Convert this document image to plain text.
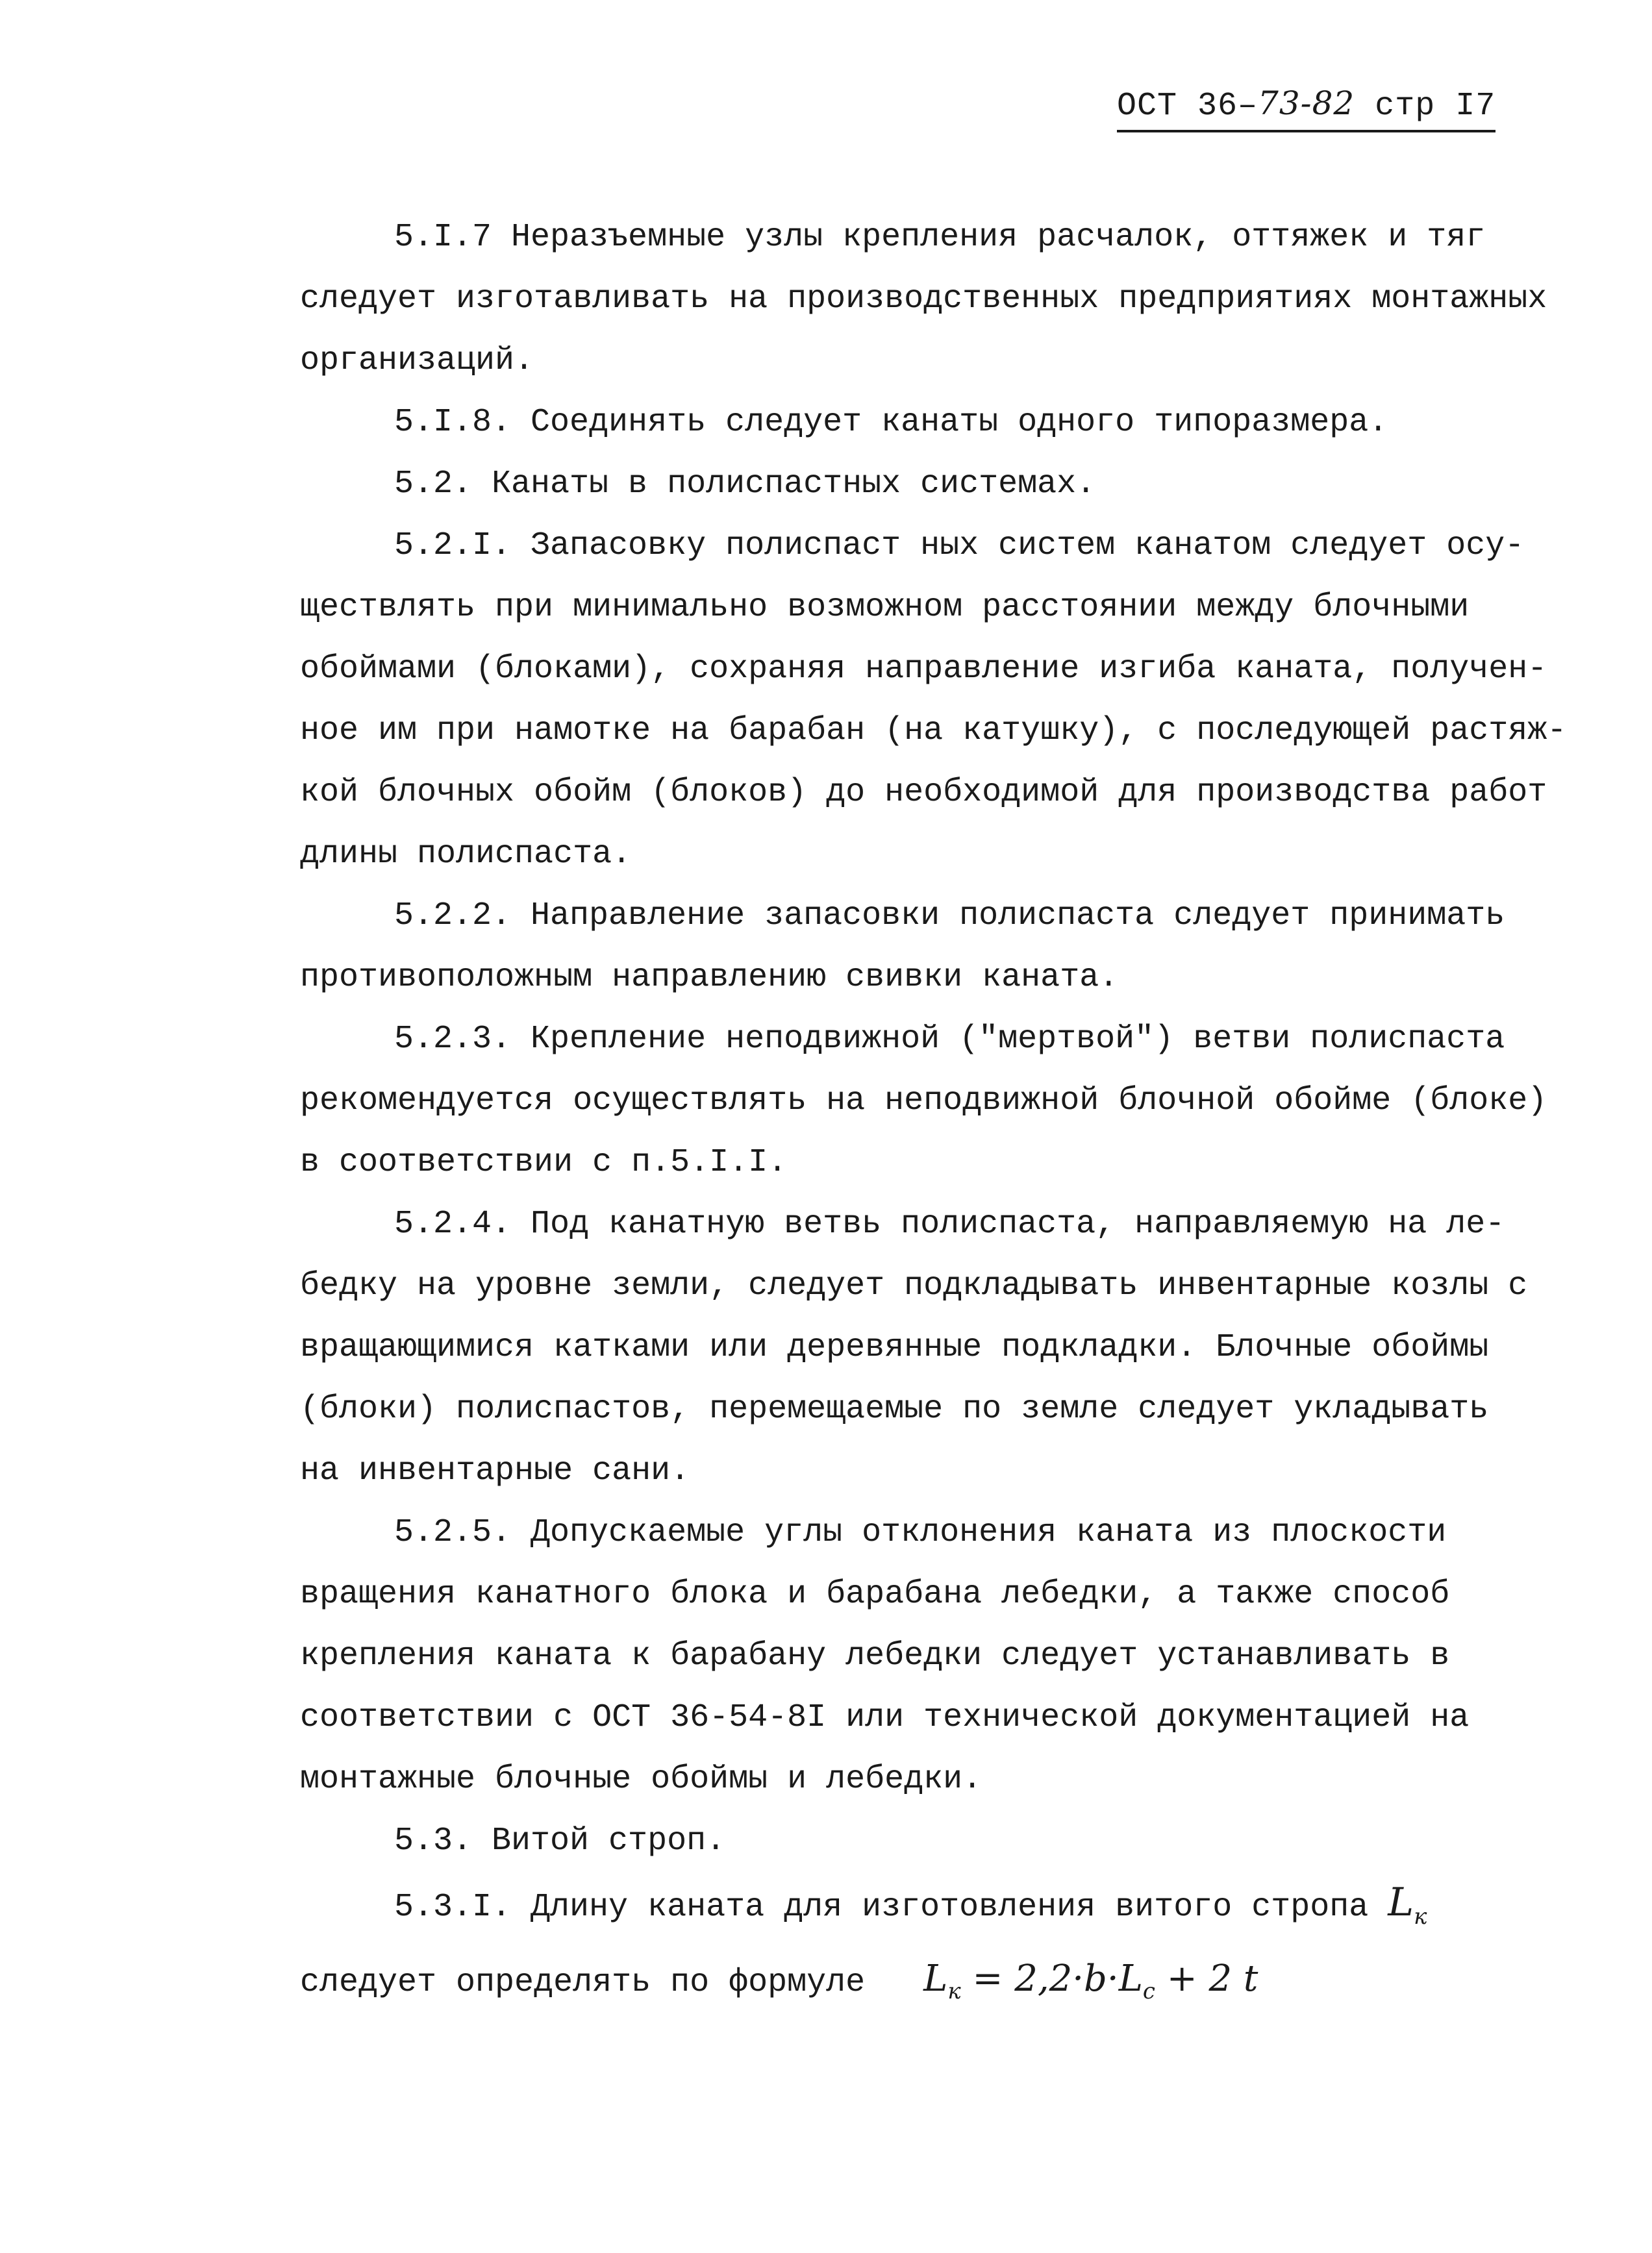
ОСТ 36–73-82 стр I7

5.I.7 Неразъемные узлы крепления расчалок, оттяжек и тяг
следует изготавливать на производственных предприятиях монтажных
организаций.

5.I.8. Соединять следует канаты одного типоразмера.

5.2. Канаты в полиспастных системах.

5.2.I. Запасовку полиспаст ных систем канатом следует осу-
ществлять при минимально возможном расстоянии между блочными
обоймами (блоками), сохраняя направление изгиба каната, получен-
ное им при намотке на барабан (на катушку), с последующей растяж-
кой блочных обойм (блоков) до необходимой для производства работ
длины полиспаста.

5.2.2. Направление запасовки полиспаста следует принимать
противоположным направлению свивки каната.

5.2.3. Крепление неподвижной ("мертвой") ветви полиспаста
рекомендуется осуществлять на неподвижной блочной обойме (блоке)
в соответствии с п.5.I.I.

5.2.4. Под канатную ветвь полиспаста, направляемую на ле-
бедку на уровне земли, следует подкладывать инвентарные козлы с
вращающимися катками или деревянные подкладки. Блочные обоймы
(блоки) полиспастов, перемещаемые по земле следует укладывать
на инвентарные сани.

5.2.5. Допускаемые углы отклонения каната из плоскости
вращения канатного блока и барабана лебедки, а также способ
крепления каната к барабану лебедки следует устанавливать в
соответствии с ОСТ 36-54-8I или технической документацией на
монтажные блочные обоймы и лебедки.

5.3. Витой строп.

5.3.I. Длину каната для изготовления витого стропа $L_к$
следует определять по формуле $L_к = 2,2\cdot b\cdot L_с + 2$ t
